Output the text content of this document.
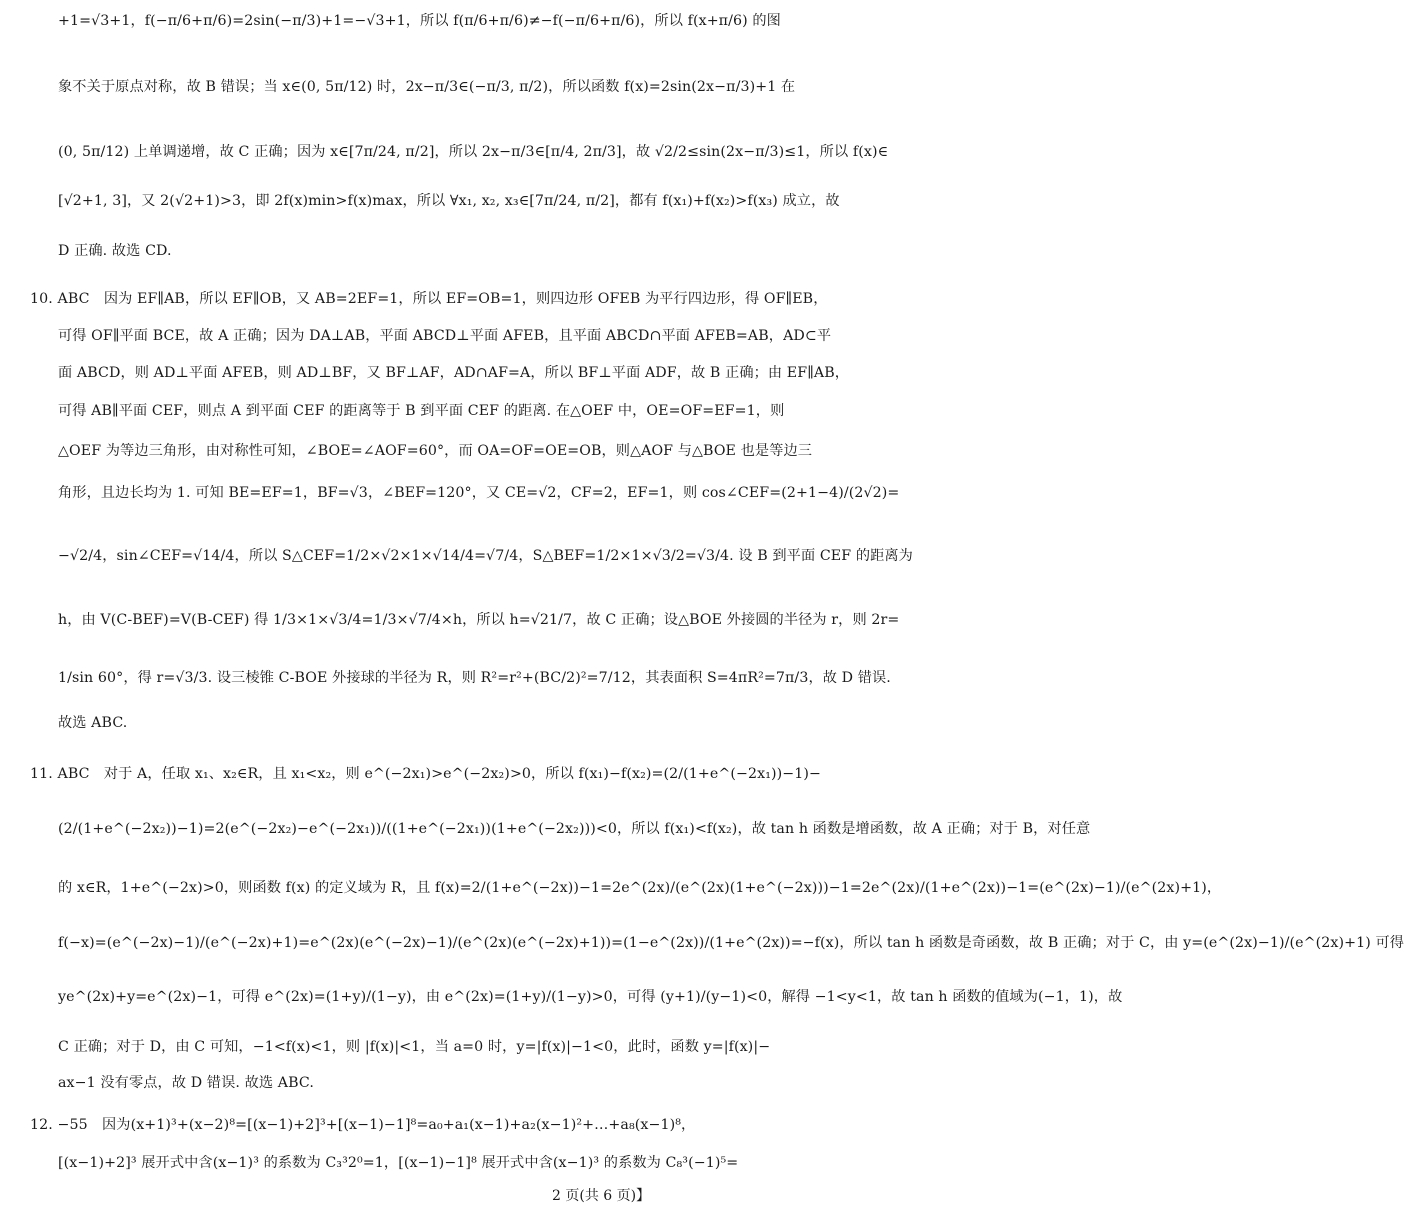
+1=√3+1，f(−π/6+π/6)=2sin(−π/3)+1=−√3+1，所以 f(π/6+π/6)≠−f(−π/6+π/6)，所以 f(x+π/6) 的图
象不关于原点对称，故 B 错误；当 x∈(0, 5π/12) 时，2x−π/3∈(−π/3, π/2)，所以函数 f(x)=2sin(2x−π/3)+1 在
(0, 5π/12) 上单调递增，故 C 正确；因为 x∈[7π/24, π/2]，所以 2x−π/3∈[π/4, 2π/3]，故 √2/2≤sin(2x−π/3)≤1，所以 f(x)∈
[√2+1, 3]，又 2(√2+1)>3，即 2f(x)min>f(x)max，所以 ∀x₁, x₂, x₃∈[7π/24, π/2]，都有 f(x₁)+f(x₂)>f(x₃) 成立，故
D 正确. 故选 CD.
10. ABC　因为 EF∥AB，所以 EF∥OB，又 AB=2EF=1，所以 EF=OB=1，则四边形 OFEB 为平行四边形，得 OF∥EB，
可得 OF∥平面 BCE，故 A 正确；因为 DA⊥AB，平面 ABCD⊥平面 AFEB，且平面 ABCD∩平面 AFEB=AB，AD⊂平
面 ABCD，则 AD⊥平面 AFEB，则 AD⊥BF，又 BF⊥AF，AD∩AF=A，所以 BF⊥平面 ADF，故 B 正确；由 EF∥AB，
可得 AB∥平面 CEF，则点 A 到平面 CEF 的距离等于 B 到平面 CEF 的距离. 在△OEF 中，OE=OF=EF=1，则
△OEF 为等边三角形，由对称性可知，∠BOE=∠AOF=60°，而 OA=OF=OE=OB，则△AOF 与△BOE 也是等边三
角形，且边长均为 1. 可知 BE=EF=1，BF=√3，∠BEF=120°，又 CE=√2，CF=2，EF=1，则 cos∠CEF=(2+1−4)/(2√2)=
−√2/4，sin∠CEF=√14/4，所以 S△CEF=1/2×√2×1×√14/4=√7/4，S△BEF=1/2×1×√3/2=√3/4. 设 B 到平面 CEF 的距离为
h，由 V(C-BEF)=V(B-CEF) 得 1/3×1×√3/4=1/3×√7/4×h，所以 h=√21/7，故 C 正确；设△BOE 外接圆的半径为 r，则 2r=
1/sin 60°，得 r=√3/3. 设三棱锥 C-BOE 外接球的半径为 R，则 R²=r²+(BC/2)²=7/12，其表面积 S=4πR²=7π/3，故 D 错误.
故选 ABC.
11. ABC　对于 A，任取 x₁、x₂∈R，且 x₁<x₂，则 e^(−2x₁)>e^(−2x₂)>0，所以 f(x₁)−f(x₂)=(2/(1+e^(−2x₁))−1)−
(2/(1+e^(−2x₂))−1)=2(e^(−2x₂)−e^(−2x₁))/((1+e^(−2x₁))(1+e^(−2x₂)))<0，所以 f(x₁)<f(x₂)，故 tan h 函数是增函数，故 A 正确；对于 B，对任意
的 x∈R，1+e^(−2x)>0，则函数 f(x) 的定义域为 R，且 f(x)=2/(1+e^(−2x))−1=2e^(2x)/(e^(2x)(1+e^(−2x)))−1=2e^(2x)/(1+e^(2x))−1=(e^(2x)−1)/(e^(2x)+1)，
f(−x)=(e^(−2x)−1)/(e^(−2x)+1)=e^(2x)(e^(−2x)−1)/(e^(2x)(e^(−2x)+1))=(1−e^(2x))/(1+e^(2x))=−f(x)，所以 tan h 函数是奇函数，故 B 正确；对于 C，由 y=(e^(2x)−1)/(e^(2x)+1) 可得
ye^(2x)+y=e^(2x)−1，可得 e^(2x)=(1+y)/(1−y)，由 e^(2x)=(1+y)/(1−y)>0，可得 (y+1)/(y−1)<0，解得 −1<y<1，故 tan h 函数的值域为(−1，1)，故
C 正确；对于 D，由 C 可知，−1<f(x)<1，则 |f(x)|<1，当 a=0 时，y=|f(x)|−1<0，此时，函数 y=|f(x)|−
ax−1 没有零点，故 D 错误. 故选 ABC.
12. −55　因为(x+1)³+(x−2)⁸=[(x−1)+2]³+[(x−1)−1]⁸=a₀+a₁(x−1)+a₂(x−1)²+…+a₈(x−1)⁸，
[(x−1)+2]³ 展开式中含(x−1)³ 的系数为 C₃³2⁰=1，[(x−1)−1]⁸ 展开式中含(x−1)³ 的系数为 C₈³(−1)⁵=
2 页(共 6 页)】
